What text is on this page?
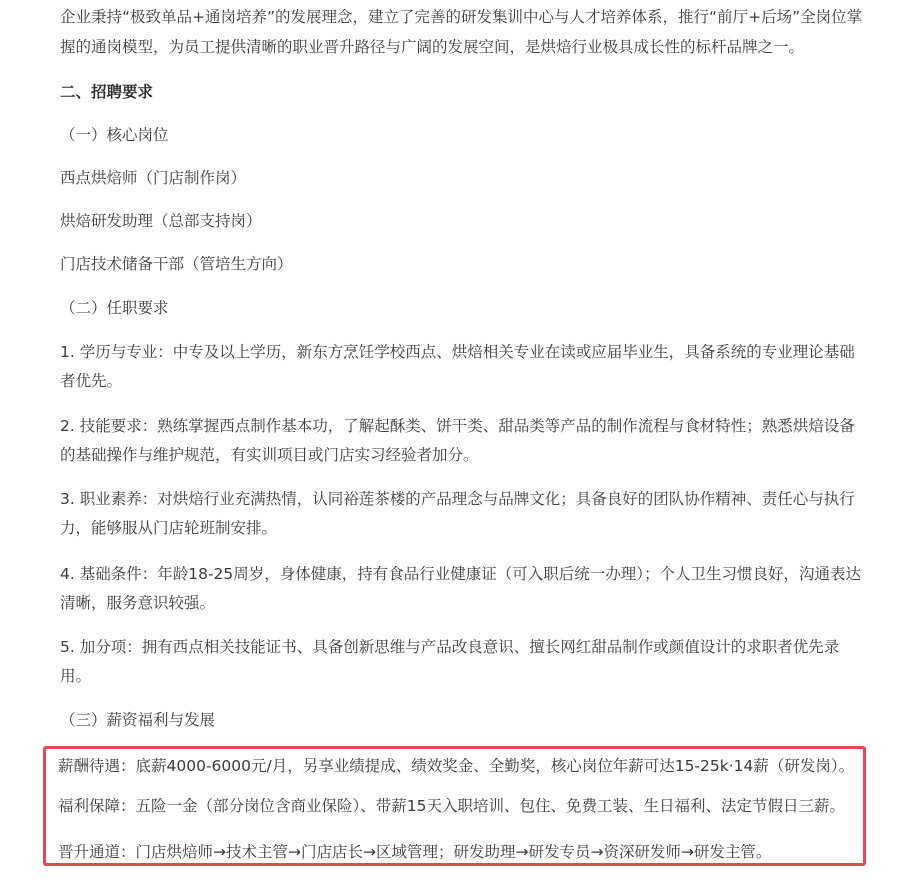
企业秉持“极致单品+通岗培养”的发展理念，建立了完善的研发集训中心与人才培养体系，推行“前厅+后场”全岗位掌
握的通岗模型，为员工提供清晰的职业晋升路径与广阔的发展空间，是烘焙行业极具成长性的标杆品牌之一。
二、招聘要求
（一）核心岗位
西点烘焙师（门店制作岗）
烘焙研发助理（总部支持岗）
门店技术储备干部（管培生方向）
（二）任职要求
1. 学历与专业：中专及以上学历，新东方烹饪学校西点、烘焙相关专业在读或应届毕业生，具备系统的专业理论基础
者优先。
2. 技能要求：熟练掌握西点制作基本功，了解起酥类、饼干类、甜品类等产品的制作流程与食材特性；熟悉烘焙设备
的基础操作与维护规范，有实训项目或门店实习经验者加分。
3. 职业素养：对烘焙行业充满热情，认同裕莲茶楼的产品理念与品牌文化；具备良好的团队协作精神、责任心与执行
力，能够服从门店轮班制安排。
4. 基础条件：年龄18-25周岁，身体健康，持有食品行业健康证（可入职后统一办理）；个人卫生习惯良好，沟通表达
清晰，服务意识较强。
5. 加分项：拥有西点相关技能证书、具备创新思维与产品改良意识、擅长网红甜品制作或颜值设计的求职者优先录
用。
（三）薪资福利与发展
薪酬待遇：底薪4000-6000元/月，另享业绩提成、绩效奖金、全勤奖，核心岗位年薪可达15-25k·14薪（研发岗）。
福利保障：五险一金（部分岗位含商业保险）、带薪15天入职培训、包住、免费工装、生日福利、法定节假日三薪。
晋升通道：门店烘焙师→技术主管→门店店长→区域管理；研发助理→研发专员→资深研发师→研发主管。
